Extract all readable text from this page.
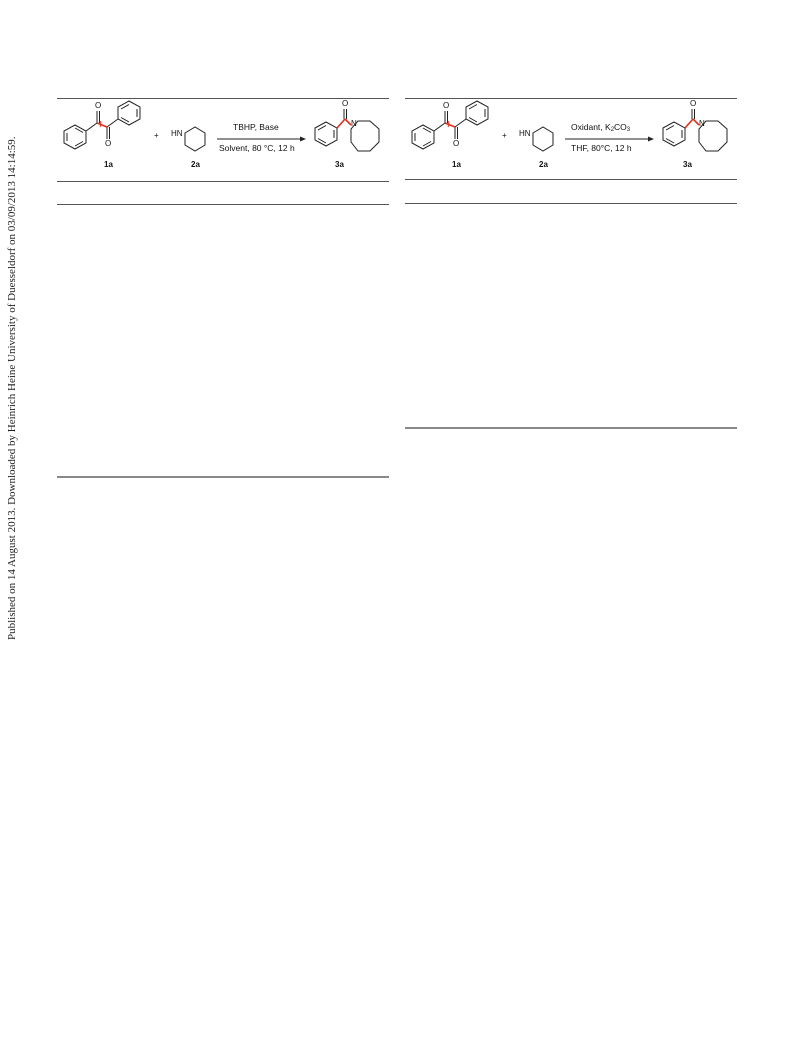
Published on 14 August 2013. Downloaded by Heinrich Heine University of Duesseldorf on 03/09/2013 14:14:59.
O
O
+ HN
TBHP, Base
Solvent, 80 °C, 12 h
O
N
1a	2a	3a
O
O
+ HN
Oxidant, $K_2CO_3$
THF, 80°C, 12 h
O
N
1a	2a	3a
